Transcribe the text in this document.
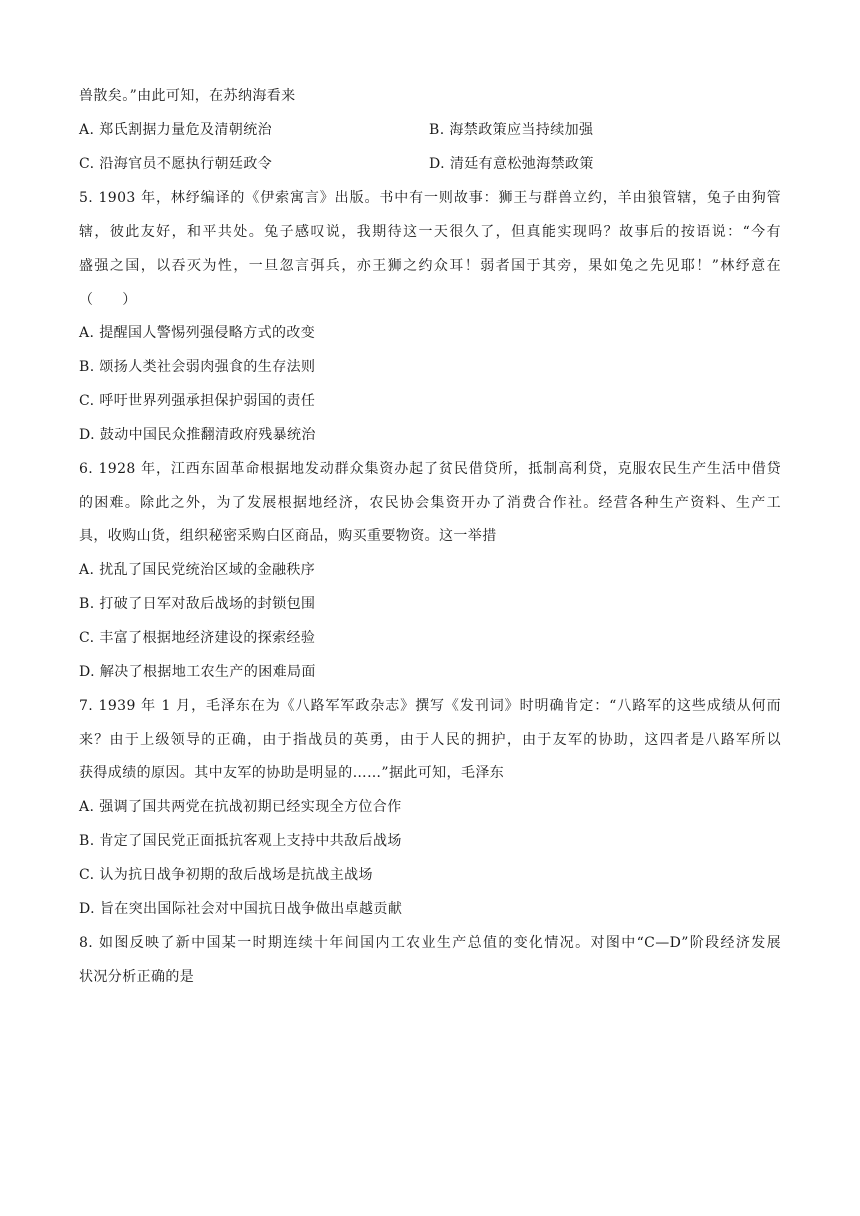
兽散矣。”由此可知，在苏纳海看来
A. 郑氏割据力量危及清朝统治	B. 海禁政策应当持续加强
C. 沿海官员不愿执行朝廷政令	D. 清廷有意松弛海禁政策
5. 1903 年，林纾编译的《伊索寓言》出版。书中有一则故事：狮王与群兽立约，羊由狼管辖，兔子由狗管
辖，彼此友好，和平共处。兔子感叹说，我期待这一天很久了，但真能实现吗？故事后的按语说：“今有
盛强之国，以吞灭为性，一旦忽言弭兵，亦王狮之约众耳！弱者国于其旁，果如兔之先见耶！”林纾意在
（　　）
A. 提醒国人警惕列强侵略方式的改变
B. 颂扬人类社会弱肉强食的生存法则
C. 呼吁世界列强承担保护弱国的责任
D. 鼓动中国民众推翻清政府残暴统治
6. 1928 年，江西东固革命根据地发动群众集资办起了贫民借贷所，抵制高利贷，克服农民生产生活中借贷
的困难。除此之外，为了发展根据地经济，农民协会集资开办了消费合作社。经营各种生产资料、生产工
具，收购山货，组织秘密采购白区商品，购买重要物资。这一举措
A. 扰乱了国民党统治区域的金融秩序
B. 打破了日军对敌后战场的封锁包围
C. 丰富了根据地经济建设的探索经验
D. 解决了根据地工农生产的困难局面
7. 1939 年 1 月，毛泽东在为《八路军军政杂志》撰写《发刊词》时明确肯定：“八路军的这些成绩从何而
来？由于上级领导的正确，由于指战员的英勇，由于人民的拥护，由于友军的协助，这四者是八路军所以
获得成绩的原因。其中友军的协助是明显的……”据此可知，毛泽东
A. 强调了国共两党在抗战初期已经实现全方位合作
B. 肯定了国民党正面抵抗客观上支持中共敌后战场
C. 认为抗日战争初期的敌后战场是抗战主战场
D. 旨在突出国际社会对中国抗日战争做出卓越贡献
8. 如图反映了新中国某一时期连续十年间国内工农业生产总值的变化情况。对图中“C—D”阶段经济发展
状况分析正确的是
